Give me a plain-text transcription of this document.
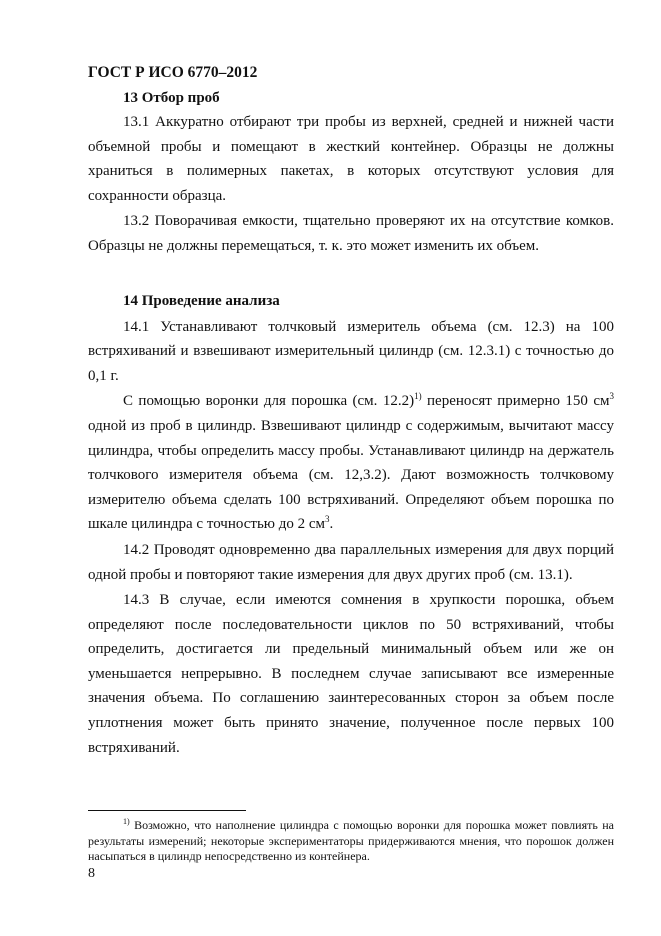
ГОСТ Р ИСО 6770–2012
13 Отбор проб

13.1 Аккуратно отбирают три пробы из верхней, средней и нижней части объемной пробы и помещают в жесткий контейнер. Образцы не должны храниться в полимерных пакетах, в которых отсутствуют условия для сохранности образца.

13.2 Поворачивая емкости, тщательно проверяют их на отсутствие комков. Образцы не должны перемещаться, т. к. это может изменить их объем.

14 Проведение анализа

14.1 Устанавливают толчковый измеритель объема (см. 12.3) на 100 встряхиваний и взвешивают измерительный цилиндр (см. 12.3.1) с точностью до 0,1 г.

С помощью воронки для порошка (см. 12.2)$^{1)}$ переносят примерно 150 $см^3$ одной из проб в цилиндр. Взвешивают цилиндр с содержимым, вычитают массу цилиндра, чтобы определить массу пробы. Устанавливают цилиндр на держатель толчкового измерителя объема (см. 12,3.2). Дают возможность толчковому измерителю объема сделать 100 встряхиваний. Определяют объем порошка по шкале цилиндра с точностью до 2 $см^3$.

14.2 Проводят одновременно два параллельных измерения для двух порций одной пробы и повторяют такие измерения для двух других проб (см. 13.1).

14.3 В случае, если имеются сомнения в хрупкости порошка, объем определяют после последовательности циклов по 50 встряхиваний, чтобы определить, достигается ли предельный минимальный объем или же он уменьшается непрерывно. В последнем случае записывают все измеренные значения объема. По соглашению заинтересованных сторон за объем после уплотнения может быть принято значение, полученное после первых 100 встряхиваний.

$^{1)}$ Возможно, что наполнение цилиндра с помощью воронки для порошка может повлиять на результаты измерений; некоторые экспериментаторы придерживаются мнения, что порошок должен насыпаться в цилиндр непосредственно из контейнера.

8
